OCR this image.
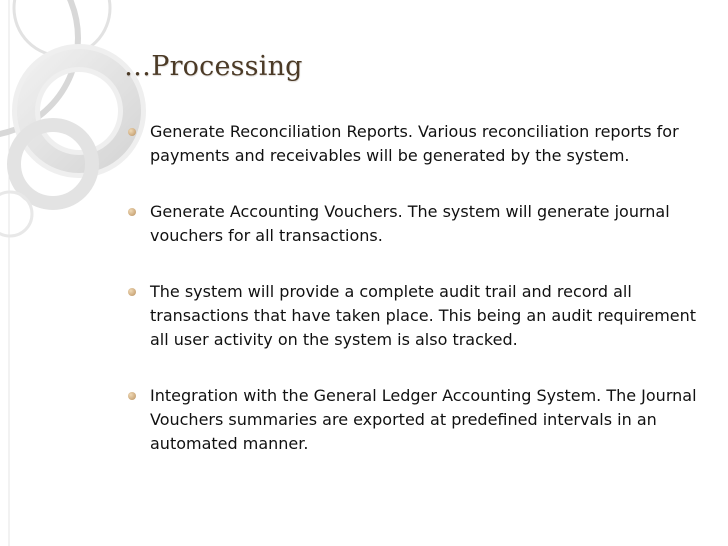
…Processing
Generate Reconciliation Reports. Various reconciliation reports for payments and receivables will be generated by the system.
Generate Accounting Vouchers. The system will generate journal vouchers for all transactions.
The system will provide a complete audit trail and record all transactions that have taken place. This being an audit requirement all user activity on the system is also tracked.
Integration with the General Ledger Accounting System. The Journal Vouchers summaries are exported at predefined intervals in an automated manner.
